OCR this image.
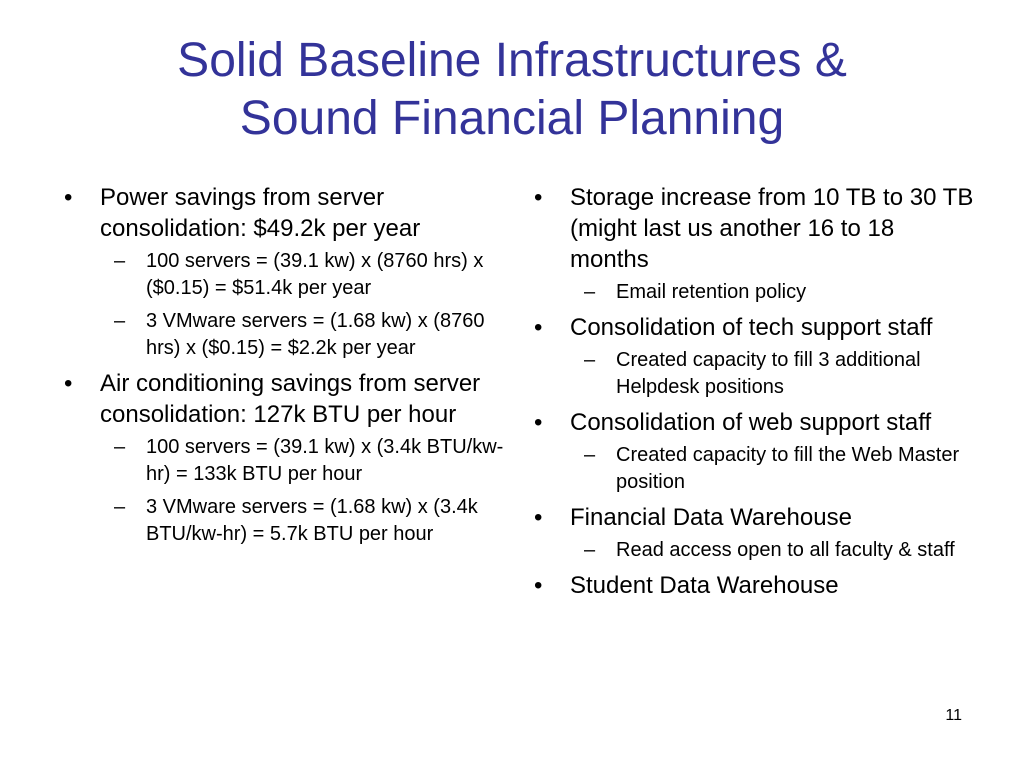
Solid Baseline Infrastructures &
Sound Financial Planning
•	Power savings from server consolidation: $49.2k per year
– 100 servers = (39.1 kw) x (8760 hrs) x ($0.15) = $51.4k per year
– 3 VMware servers = (1.68 kw) x (8760 hrs) x ($0.15) = $2.2k per year
•	Air conditioning savings from server consolidation: 127k BTU per hour
– 100 servers = (39.1 kw) x (3.4k BTU/kw-hr) = 133k BTU per hour
– 3 VMware servers = (1.68 kw) x (3.4k BTU/kw-hr) = 5.7k BTU per hour
•	Storage increase from 10 TB to 30 TB (might last us another 16 to 18 months
– Email retention policy
•	Consolidation of tech support staff
– Created capacity to fill 3 additional Helpdesk positions
•	Consolidation of web support staff
– Created capacity to fill the Web Master position
•	Financial Data Warehouse
– Read access open to all faculty & staff
•	Student Data Warehouse
11
